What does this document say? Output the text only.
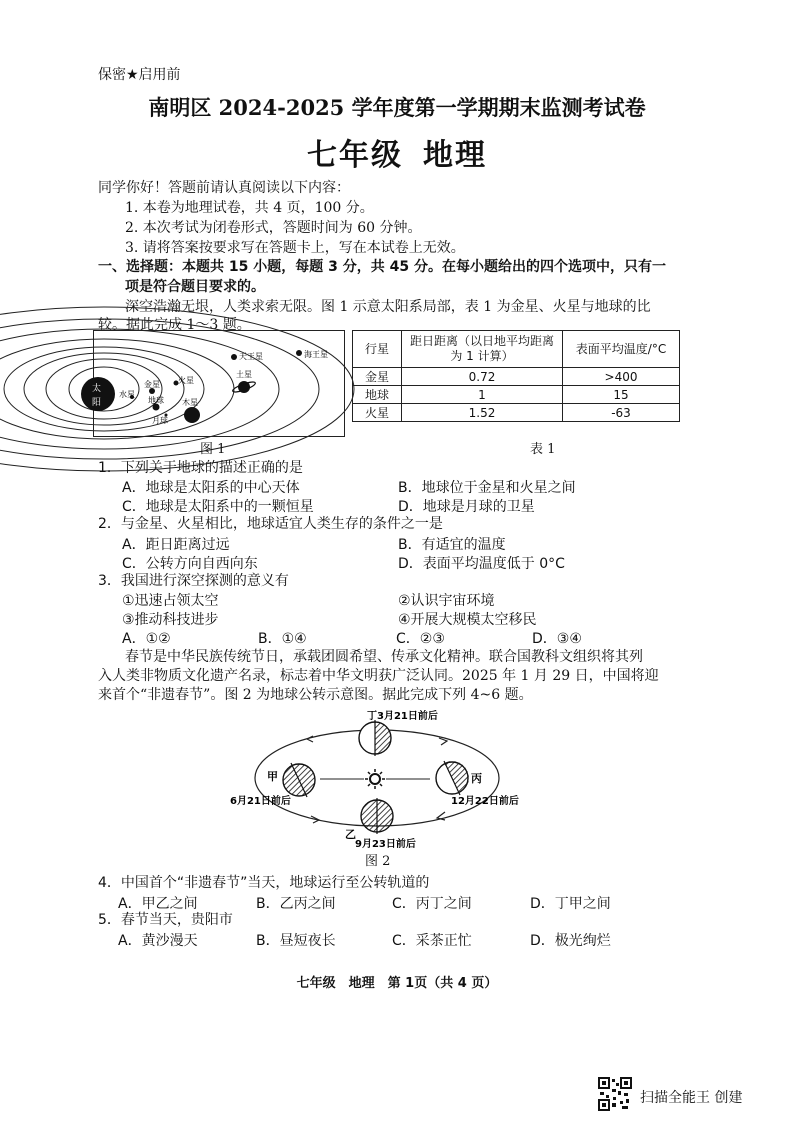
保密★启用前
南明区 2024-2025 学年度第一学期期末监测考试卷
七年级 地理
同学你好！答题前请认真阅读以下内容：
1. 本卷为地理试卷，共 4 页，100 分。
2. 本次考试为闭卷形式，答题时间为 60 分钟。
3. 请将答案按要求写在答题卡上，写在本试卷上无效。
一、选择题：本题共 15 小题，每题 3 分，共 45 分。在每小题给出的四个选项中，只有一
项是符合题目要求的。
深空浩瀚无垠，人类求索无限。图 1 示意太阳系局部，表 1 为金星、火星与地球的比
较。据此完成 1～3 题。
太
阳
水星
金星
地球
月球
火星
木星
土星
天王星	海王星
图 1
行星	距日距离（以日地平均距离为 1 计算）	表面平均温度/°C
金星	0.72	>400
地球	1	15
火星	1.52	-63
表 1
1．下列关于地球的描述正确的是
A．地球是太阳系的中心天体	B．地球位于金星和火星之间
C．地球是太阳系中的一颗恒星	D．地球是月球的卫星
2．与金星、火星相比，地球适宜人类生存的条件之一是
A．距日距离过远	B．有适宜的温度
C．公转方向自西向东	D．表面平均温度低于 0°C
3．我国进行深空探测的意义有
①迅速占领太空	②认识宇宙环境
③推动科技进步	④开展大规模太空移民
A．①②	B．①④	C．②③	D．③④
春节是中华民族传统节日，承载团圆希望、传承文化精神。联合国教科文组织将其列
入人类非物质文化遗产名录，标志着中华文明获广泛认同。2025 年 1 月 29 日，中国将迎
来首个“非遗春节”。图 2 为地球公转示意图。据此完成下列 4~6 题。
丁3月21日前后
甲
6月21日前后
丙
12月22日前后
乙
9月23日前后
图 2
4．中国首个“非遗春节”当天，地球运行至公转轨道的
A．甲乙之间	B．乙丙之间	C．丙丁之间	D．丁甲之间
5．春节当天，贵阳市
A．黄沙漫天	B．昼短夜长	C．采茶正忙	D．极光绚烂
七年级　地理　第 1页（共 4 页）
扫描全能王 创建
